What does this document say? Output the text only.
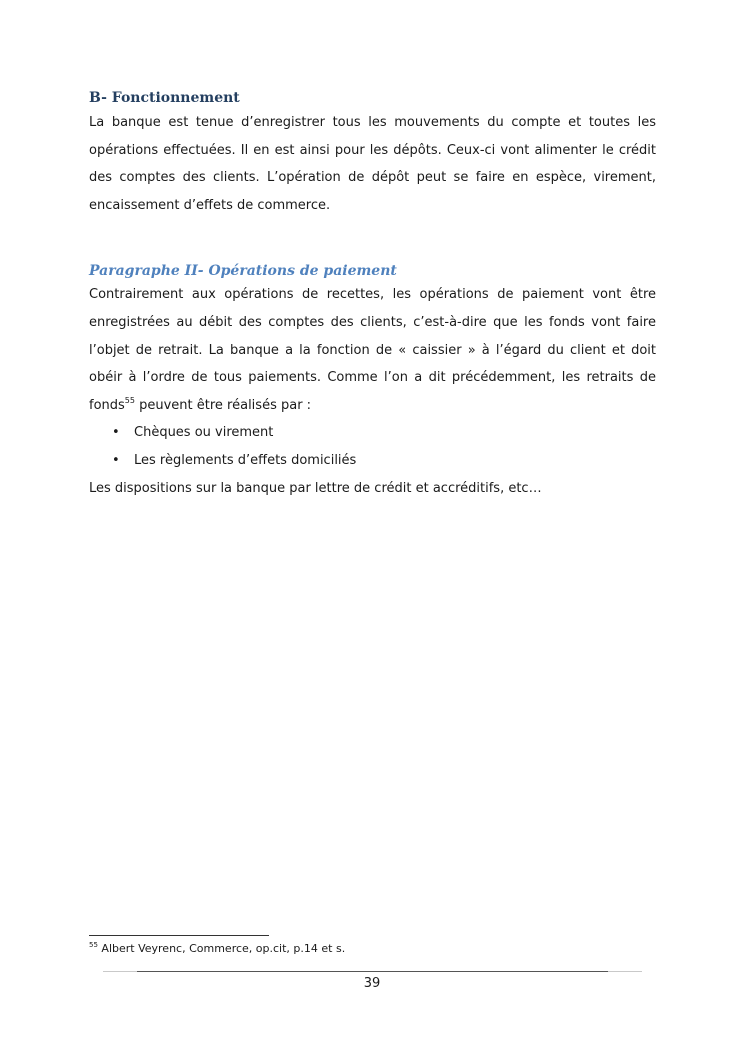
B- Fonctionnement

La banque est tenue d’enregistrer tous les mouvements du compte et toutes les opérations effectuées. Il en est ainsi pour les dépôts. Ceux-ci vont alimenter le crédit des comptes des clients. L’opération de dépôt peut se faire en espèce, virement, encaissement d’effets de commerce.

Paragraphe II- Opérations de paiement

Contrairement aux opérations de recettes, les opérations de paiement vont être enregistrées au débit des comptes des clients, c’est-à-dire que les fonds vont faire l’objet de retrait. La banque a la fonction de « caissier » à l’égard du client et doit obéir à l’ordre de tous paiements. Comme l’on a dit précédemment, les retraits de fonds$^{55}$ peuvent être réalisés par :

• Chèques ou virement
• Les règlements d’effets domiciliés

Les dispositions sur la banque par lettre de crédit et accréditifs, etc…

$^{55}$ Albert Veyrenc, Commerce, op.cit, p.14 et s.
39
